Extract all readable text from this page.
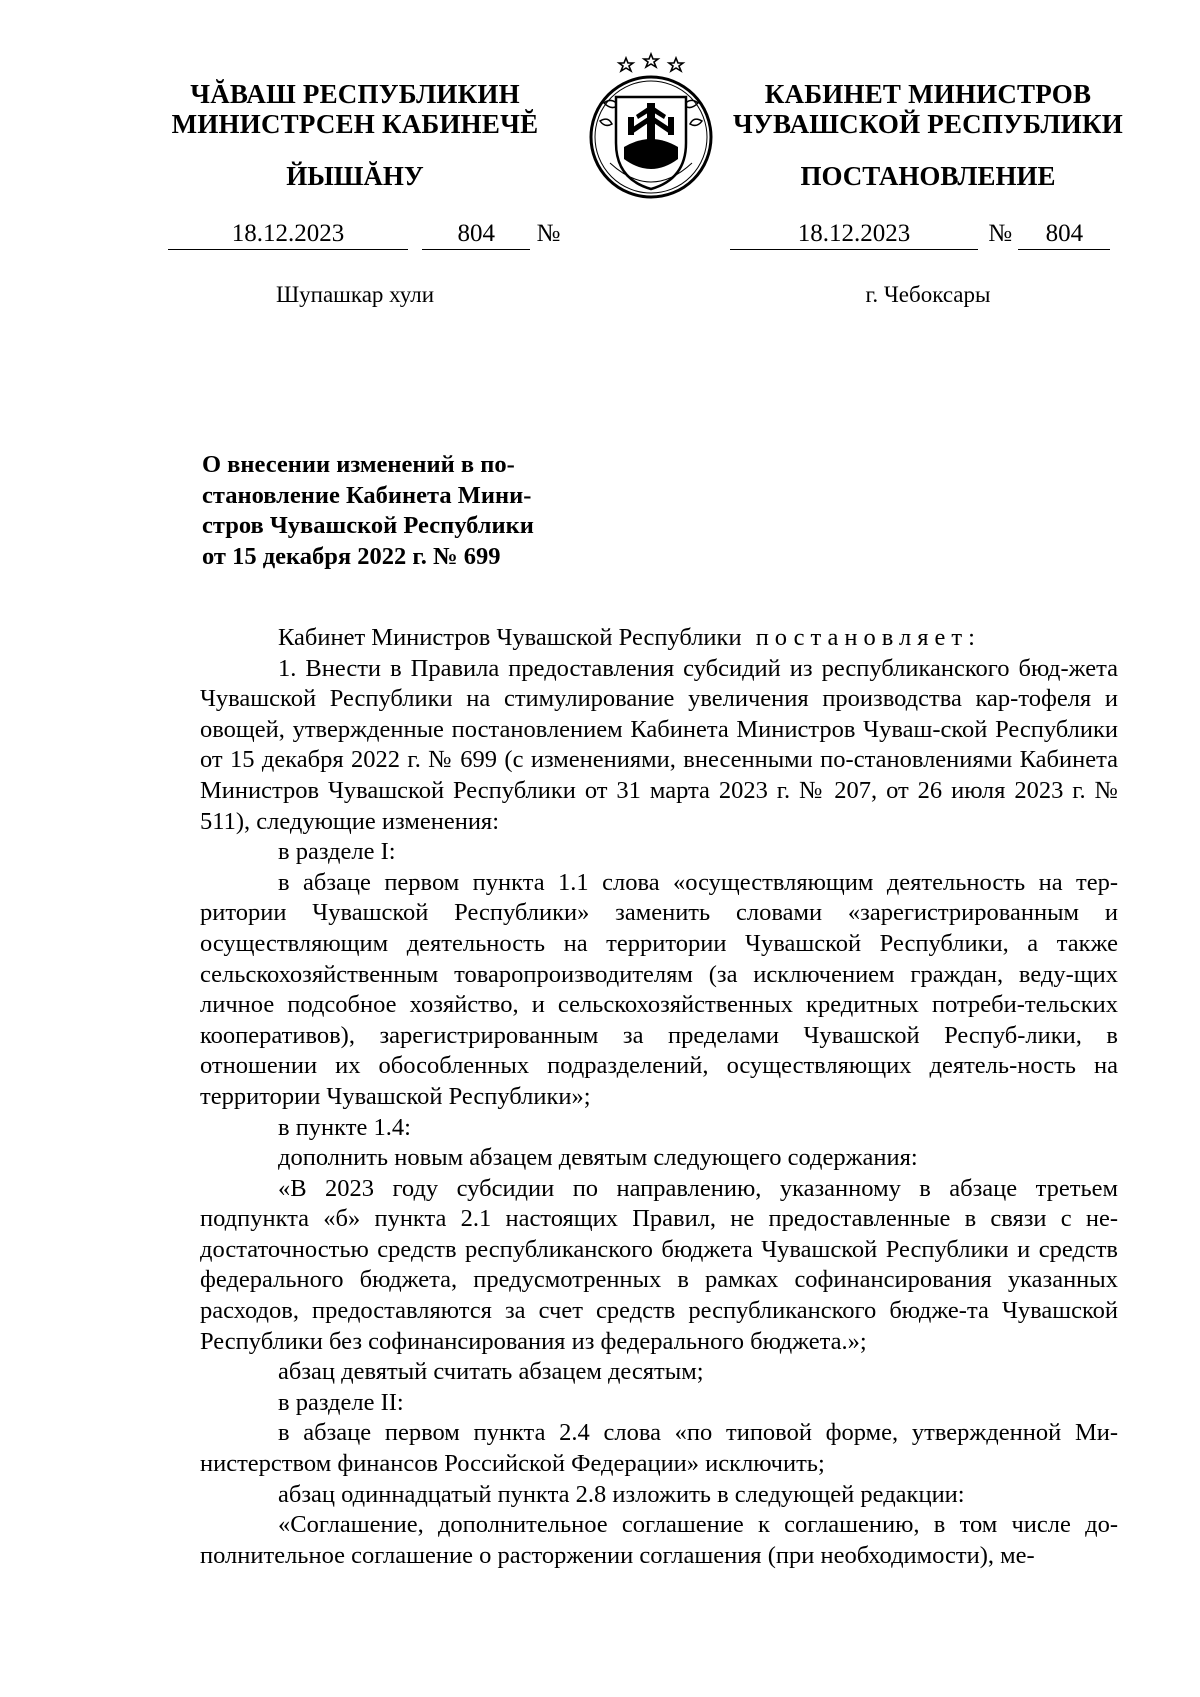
ЧĂВАШ РЕСПУБЛИКИН
МИНИСТРСЕН КАБИНЕЧĔ
ЙЫШĂНУ
18.12.2023	804 №
Шупашкар хули
КАБИНЕТ МИНИСТРОВ
ЧУВАШСКОЙ РЕСПУБЛИКИ
ПОСТАНОВЛЕНИЕ
18.12.2023	№ 804
г. Чебоксары
О внесении изменений в по-
становление Кабинета Мини-
стров Чувашской Республики
от 15 декабря 2022 г. № 699

Кабинет Министров Чувашской Республики постановляет:

1. Внести в Правила предоставления субсидий из республиканского бюд-жета Чувашской Республики на стимулирование увеличения производства кар-тофеля и овощей, утвержденные постановлением Кабинета Министров Чуваш-ской Республики от 15 декабря 2022 г. № 699 (с изменениями, внесенными по-становлениями Кабинета Министров Чувашской Республики от 31 марта 2023 г. № 207, от 26 июля 2023 г. № 511), следующие изменения:

в разделе I:

в абзаце первом пункта 1.1 слова «осуществляющим деятельность на тер-ритории Чувашской Республики» заменить словами «зарегистрированным и осуществляющим деятельность на территории Чувашской Республики, а также сельскохозяйственным товаропроизводителям (за исключением граждан, веду-щих личное подсобное хозяйство, и сельскохозяйственных кредитных потреби-тельских кооперативов), зарегистрированным за пределами Чувашской Респуб-лики, в отношении их обособленных подразделений, осуществляющих деятель-ность на территории Чувашской Республики»;

в пункте 1.4:

дополнить новым абзацем девятым следующего содержания:

«В 2023 году субсидии по направлению, указанному в абзаце третьем подпункта «б» пункта 2.1 настоящих Правил, не предоставленные в связи с не-достаточностью средств республиканского бюджета Чувашской Республики и средств федерального бюджета, предусмотренных в рамках софинансирования указанных расходов, предоставляются за счет средств республиканского бюдже-та Чувашской Республики без софинансирования из федерального бюджета.»;

абзац девятый считать абзацем десятым;

в разделе II:

в абзаце первом пункта 2.4 слова «по типовой форме, утвержденной Ми-нистерством финансов Российской Федерации» исключить;

абзац одиннадцатый пункта 2.8 изложить в следующей редакции:

«Соглашение, дополнительное соглашение к соглашению, в том числе до-полнительное соглашение о расторжении соглашения (при необходимости), ме-
